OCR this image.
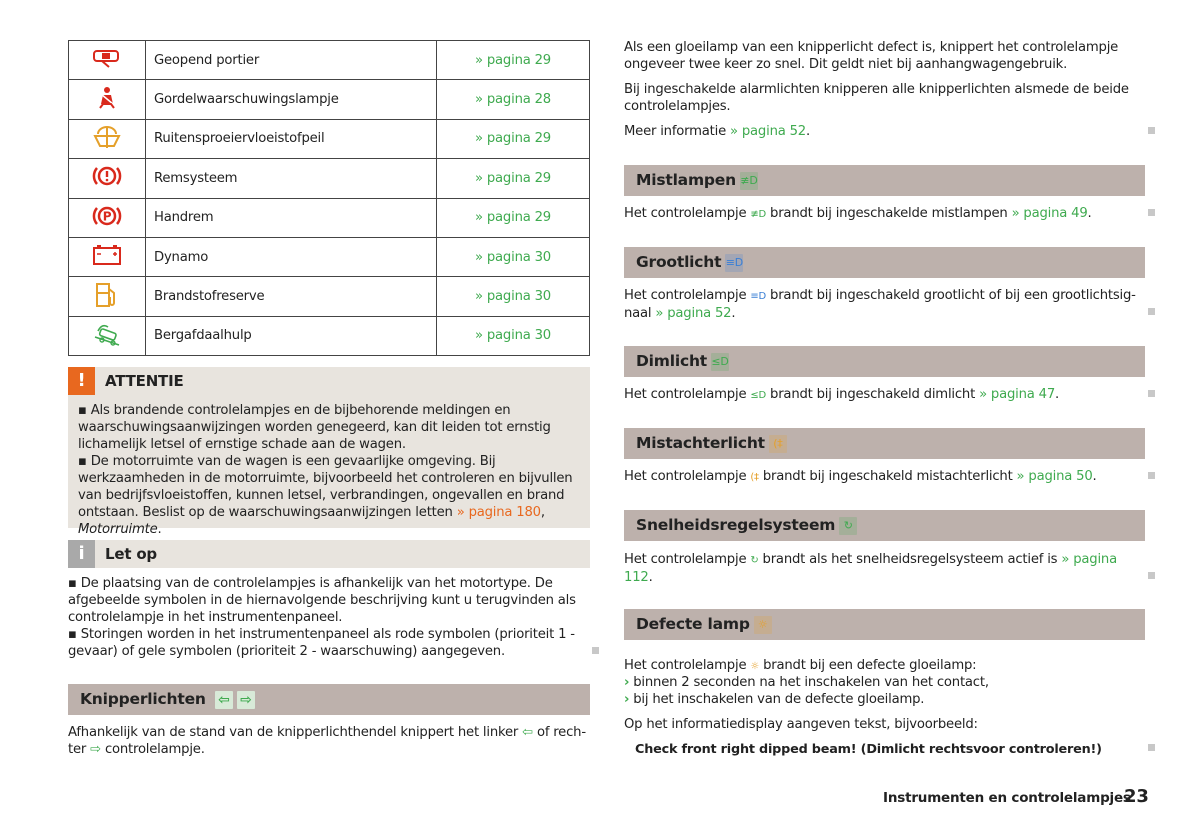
	Geopend portier	» pagina 29
	Gordelwaarschuwingslampje	» pagina 28
	Ruitensproeiervloeistofpeil	» pagina 29
	Remsysteem	» pagina 29

P	Handrem	» pagina 29
	Dynamo	» pagina 30
	Brandstofreserve	» pagina 30
	Bergafdaalhulp	» pagina 30
!	ATTENTIE
▪ Als brandende controlelampjes en de bijbehorende meldingen en waarschuwingsaanwijzingen worden genegeerd, kan dit leiden tot ernstig lichamelijk letsel of ernstige schade aan de wagen.
▪ De motorruimte van de wagen is een gevaarlijke omgeving. Bij werkzaamheden in de motorruimte, bijvoorbeeld het controleren en bijvullen van bedrijfsvloeistoffen, kunnen letsel, verbrandingen, ongevallen en brand ontstaan. Beslist op de waarschuwingsaanwijzingen letten » pagina 180, Motorruimte.
i	Let op
▪ De plaatsing van de controlelampjes is afhankelijk van het motortype. De afgebeelde symbolen in de hiernavolgende beschrijving kunt u terugvinden als controlelampje in het instrumentenpaneel.
▪ Storingen worden in het instrumentenpaneel als rode symbolen (prioriteit 1 - gevaar) of gele symbolen (prioriteit 2 - waarschuwing) aangegeven.
Knipperlichten ⇦ ⇨
Afhankelijk van de stand van de knipperlichthendel knippert het linker ⇦ of rechter ⇨ controlelampje.
Als een gloeilamp van een knipperlicht defect is, knippert het controlelampje ongeveer twee keer zo snel. Dit geldt niet bij aanhangwagengebruik.
Bij ingeschakelde alarmlichten knipperen alle knipperlichten alsmede de beide controlelampjes.
Meer informatie » pagina 52.
Mistlampen ≢D
Het controlelampje ≢D brandt bij ingeschakelde mistlampen » pagina 49.
Grootlicht ≡D
Het controlelampje ≡D brandt bij ingeschakeld grootlicht of bij een grootlichtsignaal » pagina 52.
Dimlicht ≤D
Het controlelampje ≤D brandt bij ingeschakeld dimlicht » pagina 47.
Mistachterlicht (‡
Het controlelampje (‡ brandt bij ingeschakeld mistachterlicht » pagina 50.
Snelheidsregelsysteem ↻
Het controlelampje ↻ brandt als het snelheidsregelsysteem actief is » pagina 112.
Defecte lamp ☼
Het controlelampje ☼ brandt bij een defecte gloeilamp:
› binnen 2 seconden na het inschakelen van het contact,
› bij het inschakelen van de defecte gloeilamp.
Op het informatiedisplay aangeven tekst, bijvoorbeeld:
Check front right dipped beam! (Dimlicht rechtsvoor controleren!)
Instrumenten en controlelampjes
23
